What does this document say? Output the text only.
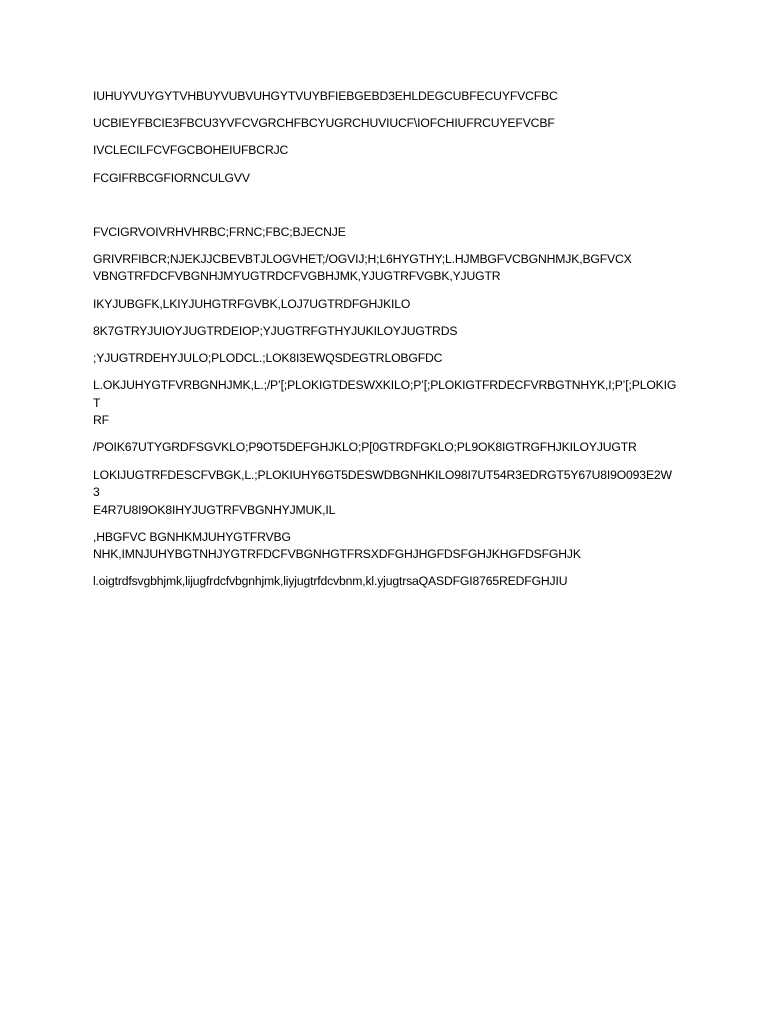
IUHUYVUYGYTVHBUYVUBVUHGYTVUYBFIEBGEBD3EHLDEGCUBFECUYFVCFBC

UCBIEYFBCIE3FBCU3YVFCVGRCHFBCYUGRCHUVIUCF\IOFCHIUFRCUYEFVCBF

IVCLECILFCVFGCBOHEIUFBCRJC

FCGIFRBCGFIORNCULGVV

FVCIGRVOIVRHVHRBC;FRNC;FBC;BJECNJE

GRIVRFIBCR;NJEKJJCBEVBTJLOGVHET;/OGVIJ;H;L6HYGTHY;L.HJMBGFVCBGNHMJK,BGFVCX
VBNGTRFDCFVBGNHJMYUGTRDCFVGBHJMK,YJUGTRFVGBK,YJUGTR

IKYJUBGFK,LKIYJUHGTRFGVBK,LOJ7UGTRDFGHJKILO

8K7GTRYJUIOYJUGTRDEIOP;YJUGTRFGTHYJUKILOYJUGTRDS

;YJUGTRDEHYJULO;PLODCL.;LOK8I3EWQSDEGTRLOBGFDC

L.OKJUHYGTFVRBGNHJMK,L.;/P’[;PLOKIGTDESWXKILO;P’[;PLOKIGTFRDECFVRBGTNHYK,I;P’[;PLOKIGT
RF

/POIK67UTYGRDFSGVKLO;P9OT5DEFGHJKLO;P[0GTRDFGKLO;PL9OK8IGTRGFHJKILOYJUGTR

LOKIJUGTRFDESCFVBGK,L.;PLOKIUHY6GT5DESWDBGNHKILO98I7UT54R3EDRGT5Y67U8I9O093E2W3
E4R7U8I9OK8IHYJUGTRFVBGNHYJMUK,IL

,HBGFVC BGNHKMJUHYGTFRVBG
NHK,IMNJUHYBGTNHJYGTRFDCFVBGNHGTFRSXDFGHJHGFDSFGHJKHGFDSFGHJK

l.oigtrdfsvgbhjmk,lijugfrdcfvbgnhjmk,liyjugtrfdcvbnm,kl.yjugtrsaQASDFGI8765REDFGHJIU
